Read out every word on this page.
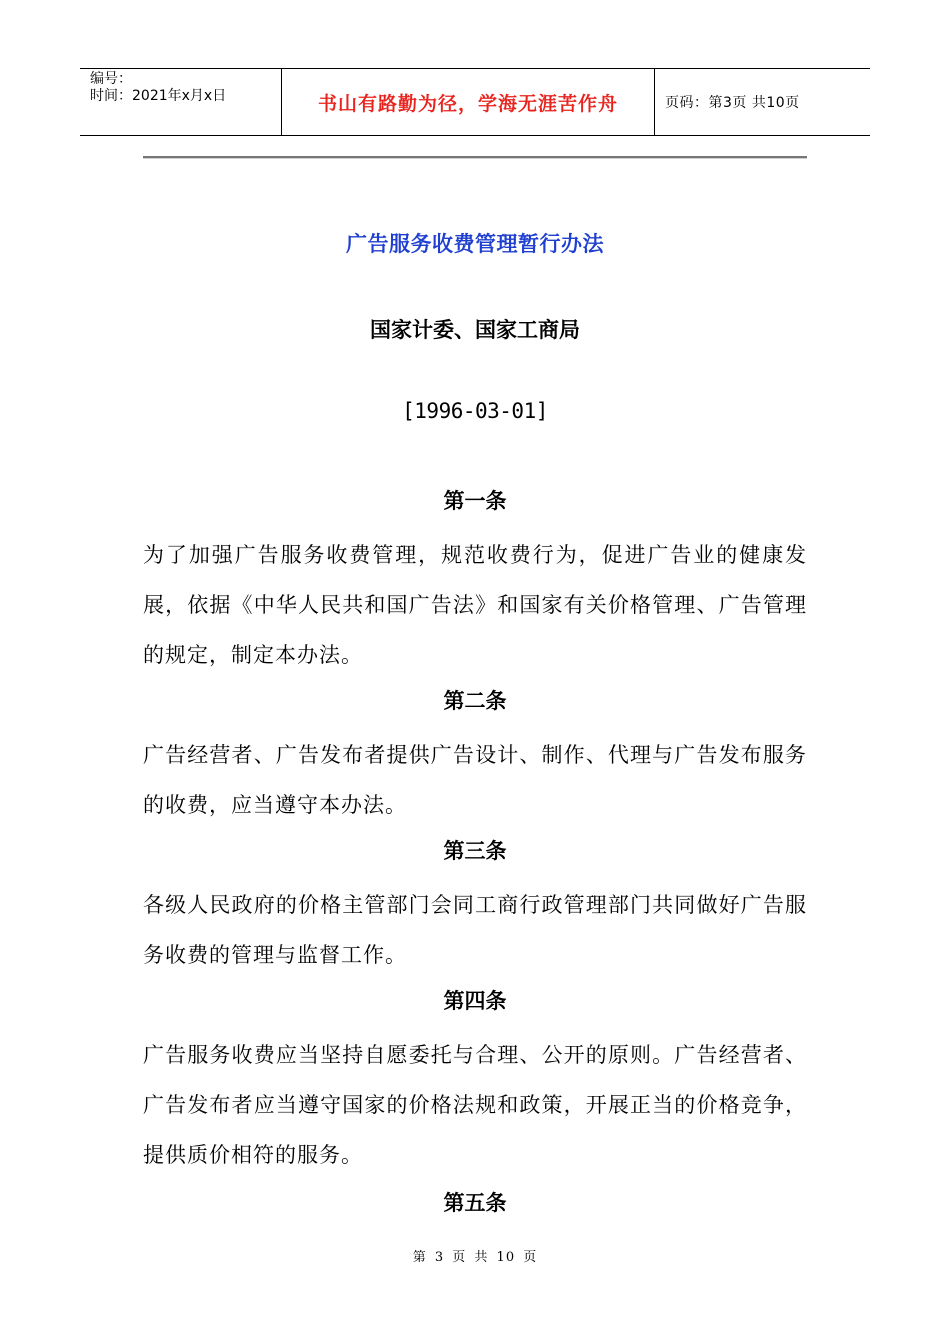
编号：
时间：2021年x月x日	书山有路勤为径，学海无涯苦作舟	页码：第3页 共10页
广告服务收费管理暂行办法
国家计委、国家工商局
[1996-03-01]
第一条
为了加强广告服务收费管理，规范收费行为，促进广告业的健康发展，依据《中华人民共和国广告法》和国家有关价格管理、广告管理的规定，制定本办法。
第二条
广告经营者、广告发布者提供广告设计、制作、代理与广告发布服务的收费，应当遵守本办法。
第三条
各级人民政府的价格主管部门会同工商行政管理部门共同做好广告服务收费的管理与监督工作。
第四条
广告服务收费应当坚持自愿委托与合理、公开的原则。广告经营者、广告发布者应当遵守国家的价格法规和政策，开展正当的价格竞争，提供质价相符的服务。
第五条
第 3 页 共 10 页
